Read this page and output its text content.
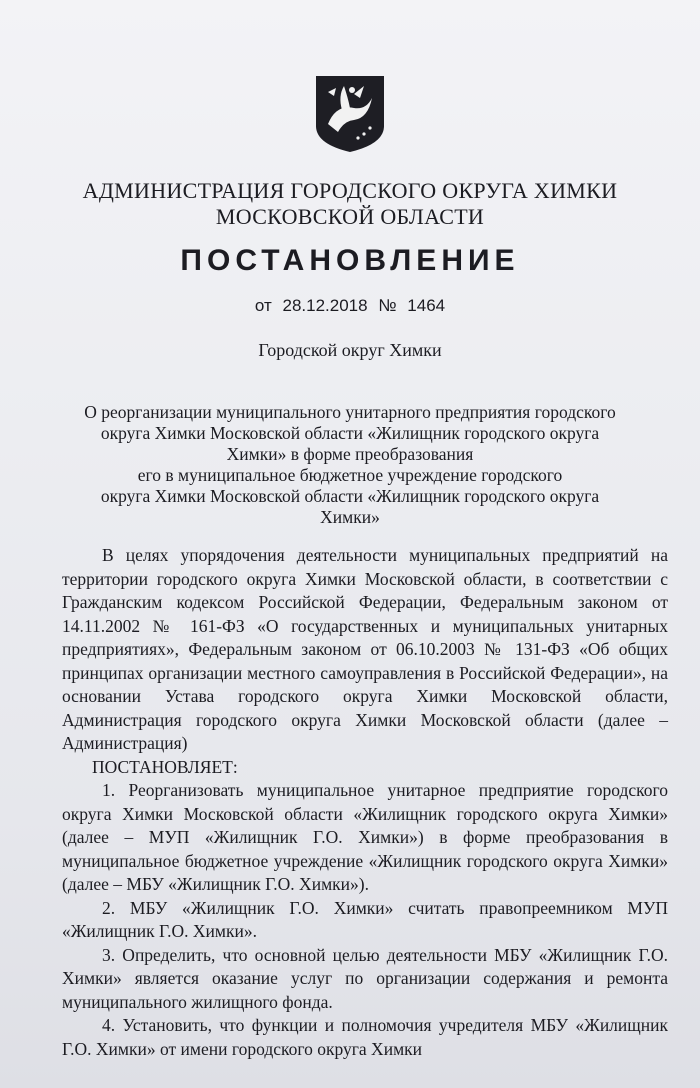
АДМИНИСТРАЦИЯ ГОРОДСКОГО ОКРУГА ХИМКИ
МОСКОВСКОЙ ОБЛАСТИ
ПОСТАНОВЛЕНИЕ
от 28.12.2018 № 1464
Городской округ Химки
О реорганизации муниципального унитарного предприятия городского
округа Химки Московской области «Жилищник городского округа
Химки» в форме преобразования
его в муниципальное бюджетное учреждение городского
округа Химки Московской области «Жилищник городского округа
Химки»

В целях упорядочения деятельности муниципальных предприятий на территории городского округа Химки Московской области, в соответствии с Гражданским кодексом Российской Федерации, Федеральным законом от 14.11.2002 № 161-ФЗ «О государственных и муниципальных унитарных предприятиях», Федеральным законом от 06.10.2003 № 131-ФЗ «Об общих принципах организации местного самоуправления в Российской Федерации», на основании Устава городского округа Химки Московской области, Администрация городского округа Химки Московской области (далее – Администрация)

ПОСТАНОВЛЯЕТ:

1. Реорганизовать муниципальное унитарное предприятие городского округа Химки Московской области «Жилищник городского округа Химки» (далее – МУП «Жилищник Г.О. Химки») в форме преобразования в муниципальное бюджетное учреждение «Жилищник городского округа Химки» (далее – МБУ «Жилищник Г.О. Химки»).

2. МБУ «Жилищник Г.О. Химки» считать правопреемником МУП «Жилищник Г.О. Химки».

3. Определить, что основной целью деятельности МБУ «Жилищник Г.О. Химки» является оказание услуг по организации содержания и ремонта муниципального жилищного фонда.

4. Установить, что функции и полномочия учредителя МБУ «Жилищник Г.О. Химки» от имени городского округа Химки
